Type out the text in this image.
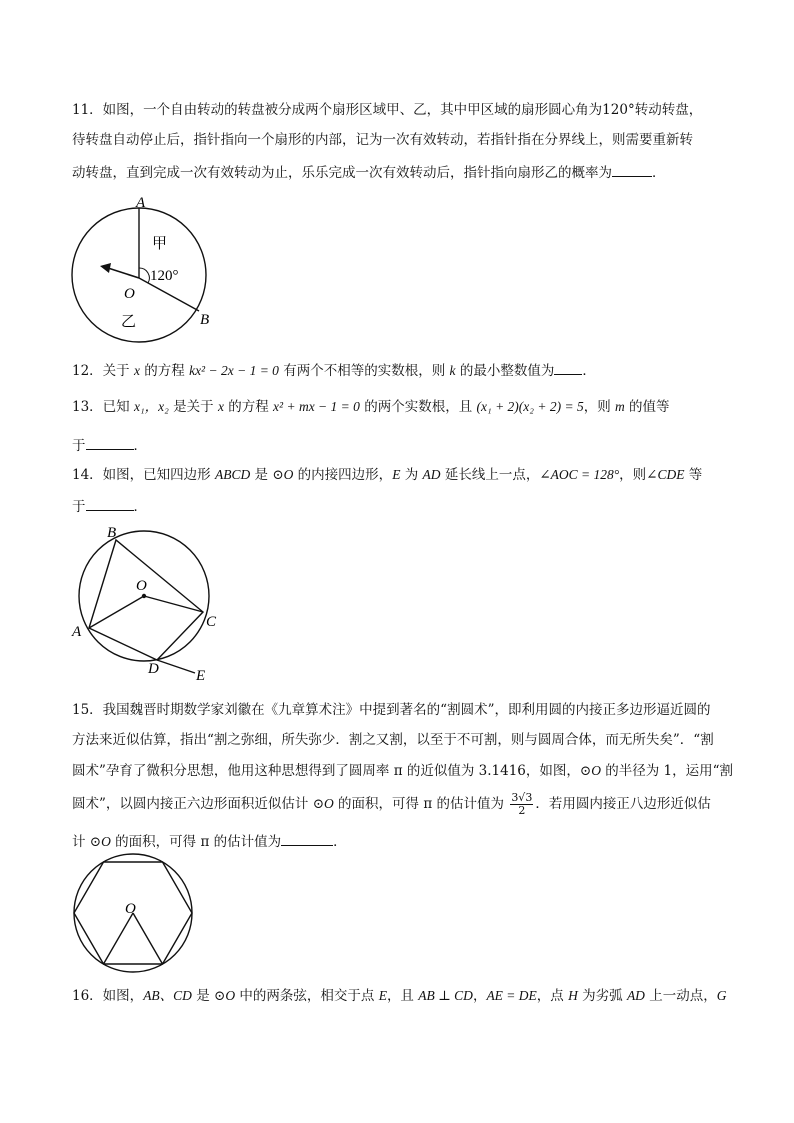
11．如图，一个自由转动的转盘被分成两个扇形区域甲、乙，其中甲区域的扇形圆心角为120°转动转盘，
待转盘自动停止后，指针指向一个扇形的内部，记为一次有效转动，若指针指在分界线上，则需要重新转
动转盘，直到完成一次有效转动为止，乐乐完成一次有效转动后，指针指向扇形乙的概率为	．
A
甲
120°
O
乙	B
12．关于 x 的方程 kx² − 2x − 1 = 0 有两个不相等的实数根，则 k 的最小整数值为 ．
13．已知 x₁，x₂ 是关于 x 的方程 x² + mx − 1 = 0 的两个实数根，且 (x₁ + 2)(x₂ + 2) = 5，则 m 的值等
于	．
14．如图，已知四边形 ABCD 是 ⊙O 的内接四边形，E 为 AD 延长线上一点，∠AOC = 128°，则∠CDE 等
于	．
B
O
C
A
D E
15．我国魏晋时期数学家刘徽在《九章算术注》中提到著名的“割圆术”，即利用圆的内接正多边形逼近圆的
方法来近似估算，指出“割之弥细，所失弥少．割之又割，以至于不可割，则与圆周合体，而无所失矣”．“割
圆术”孕育了微积分思想，他用这种思想得到了圆周率 π 的近似值为 3.1416，如图，⊙O 的半径为 1，运用“割
圆术”，以圆内接正六边形面积近似估计 ⊙O 的面积，可得 π 的估计值为 $\frac{3√3}{2}$ ．若用圆内接正八边形近似估
计 ⊙O 的面积，可得 π 的估计值为	．
O
16．如图，AB、CD 是 ⊙O 中的两条弦，相交于点 E，且 AB ⊥ CD，AE = DE，点 H 为劣弧 AD 上一动点，G
